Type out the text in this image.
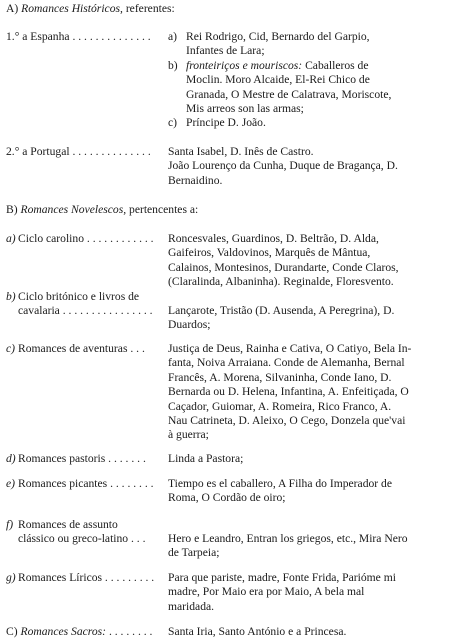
A) Romances Históricos, referentes:
1.° a Espanha . . . . . . . . . . . . . . a) Rei Rodrigo, Cid, Bernardo del Garpio,
Infantes de Lara;
b) fronteiriços e mouriscos: Caballeros de
Moclin. Moro Alcaide, El-Rei Chico de
Granada, O Mestre de Calatrava, Moriscote,
Mis arreos son las armas;
c) Príncipe D. João.
2.° a Portugal . . . . . . . . . . . . . . Santa Isabel, D. Inês de Castro.
João Lourenço da Cunha, Duque de Bragança, D.
Bernaidino.
B) Romances Novelescos, pertencentes a:
a) Ciclo carolino . . . . . . . . . . . . Roncesvales, Guardinos, D. Beltrão, D. Alda,
Gaifeiros, Valdovinos, Marquês de Mântua,
Calainos, Montesinos, Durandarte, Conde Claros,
(Claralinda, Albaninha). Reginalde, Floresvento.
b) Ciclo britónico e livros de
cavalaria . . . . . . . . . . . . . . . . Lançarote, Tristão (D. Ausenda, A Peregrina), D.
Duardos;
c) Romances de aventuras . . . Justiça de Deus, Rainha e Cativa, O Catiyo, Bela In-
fanta, Noiva Arraiana. Conde de Alemanha, Bernal
Francês, A. Morena, Silvaninha, Conde Iano, D.
Bernarda ou D. Helena, Infantina, A. Enfeitiçada, O
Caçador, Guiomar, A. Romeira, Rico Franco, A.
Nau Catrineta, D. Aleixo, O Cego, Donzela que'vai
à guerra;
d) Romances pastoris . . . . . . . Linda a Pastora;
e) Romances picantes . . . . . . . . Tiempo es el caballero, A Filha do Imperador de
Roma, O Cordão de oiro;
f) Romances de assunto
clássico ou greco-latino . . . Hero e Leandro, Entran los griegos, etc., Mira Nero
de Tarpeia;
g) Romances Líricos . . . . . . . . . Para que pariste, madre, Fonte Frida, Parióme mi
madre, Por Maio era por Maio, A bela mal
maridada.
C) Romances Sacros: . . . . . . . . Santa Iria, Santo António e a Princesa.
